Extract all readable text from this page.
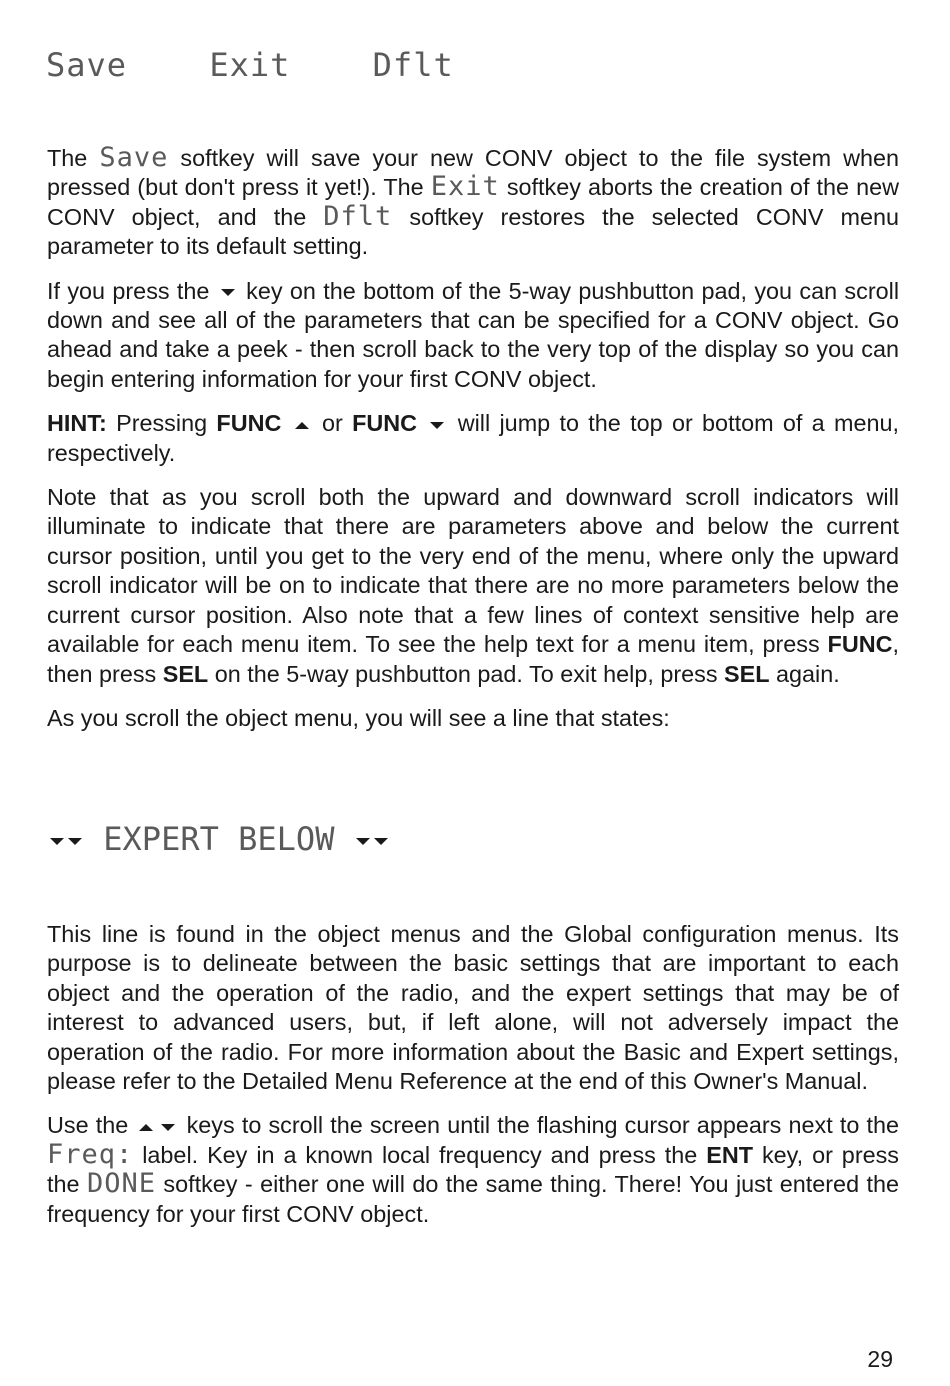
Save	Exit	Dflt

The Save softkey will save your new CONV object to the file system when pressed (but don't press it yet!). The Exit softkey aborts the creation of the new CONV object, and the Dflt softkey restores the selected CONV menu parameter to its default setting.

If you press the key on the bottom of the 5-way pushbutton pad, you can scroll down and see all of the parameters that can be specified for a CONV object. Go ahead and take a peek - then scroll back to the very top of the display so you can begin entering information for your first CONV object.

HINT: Pressing FUNC  or FUNC  will jump to the top or bottom of a menu, respectively.

Note that as you scroll both the upward and downward scroll indicators will illuminate to indicate that there are parameters above and below the current cursor position, until you get to the very end of the menu, where only the upward scroll indicator will be on to indicate that there are no more parameters below the current cursor position. Also note that a few lines of context sensitive help are available for each menu item. To see the help text for a menu item, press FUNC, then press SEL on the 5-way pushbutton pad. To exit help, press SEL again.

As you scroll the object menu, you will see a line that states:

EXPERT BELOW

This line is found in the object menus and the Global configuration menus. Its purpose is to delineate between the basic settings that are important to each object and the operation of the radio, and the expert settings that may be of interest to advanced users, but, if left alone, will not adversely impact the operation of the radio. For more information about the Basic and Expert settings, please refer to the Detailed Menu Reference at the end of this Owner's Manual.

Use the keys to scroll the screen until the flashing cursor appears next to the Freq: label. Key in a known local frequency and press the ENT key, or press the DONE softkey - either one will do the same thing. There! You just entered the frequency for your first CONV object.

29
